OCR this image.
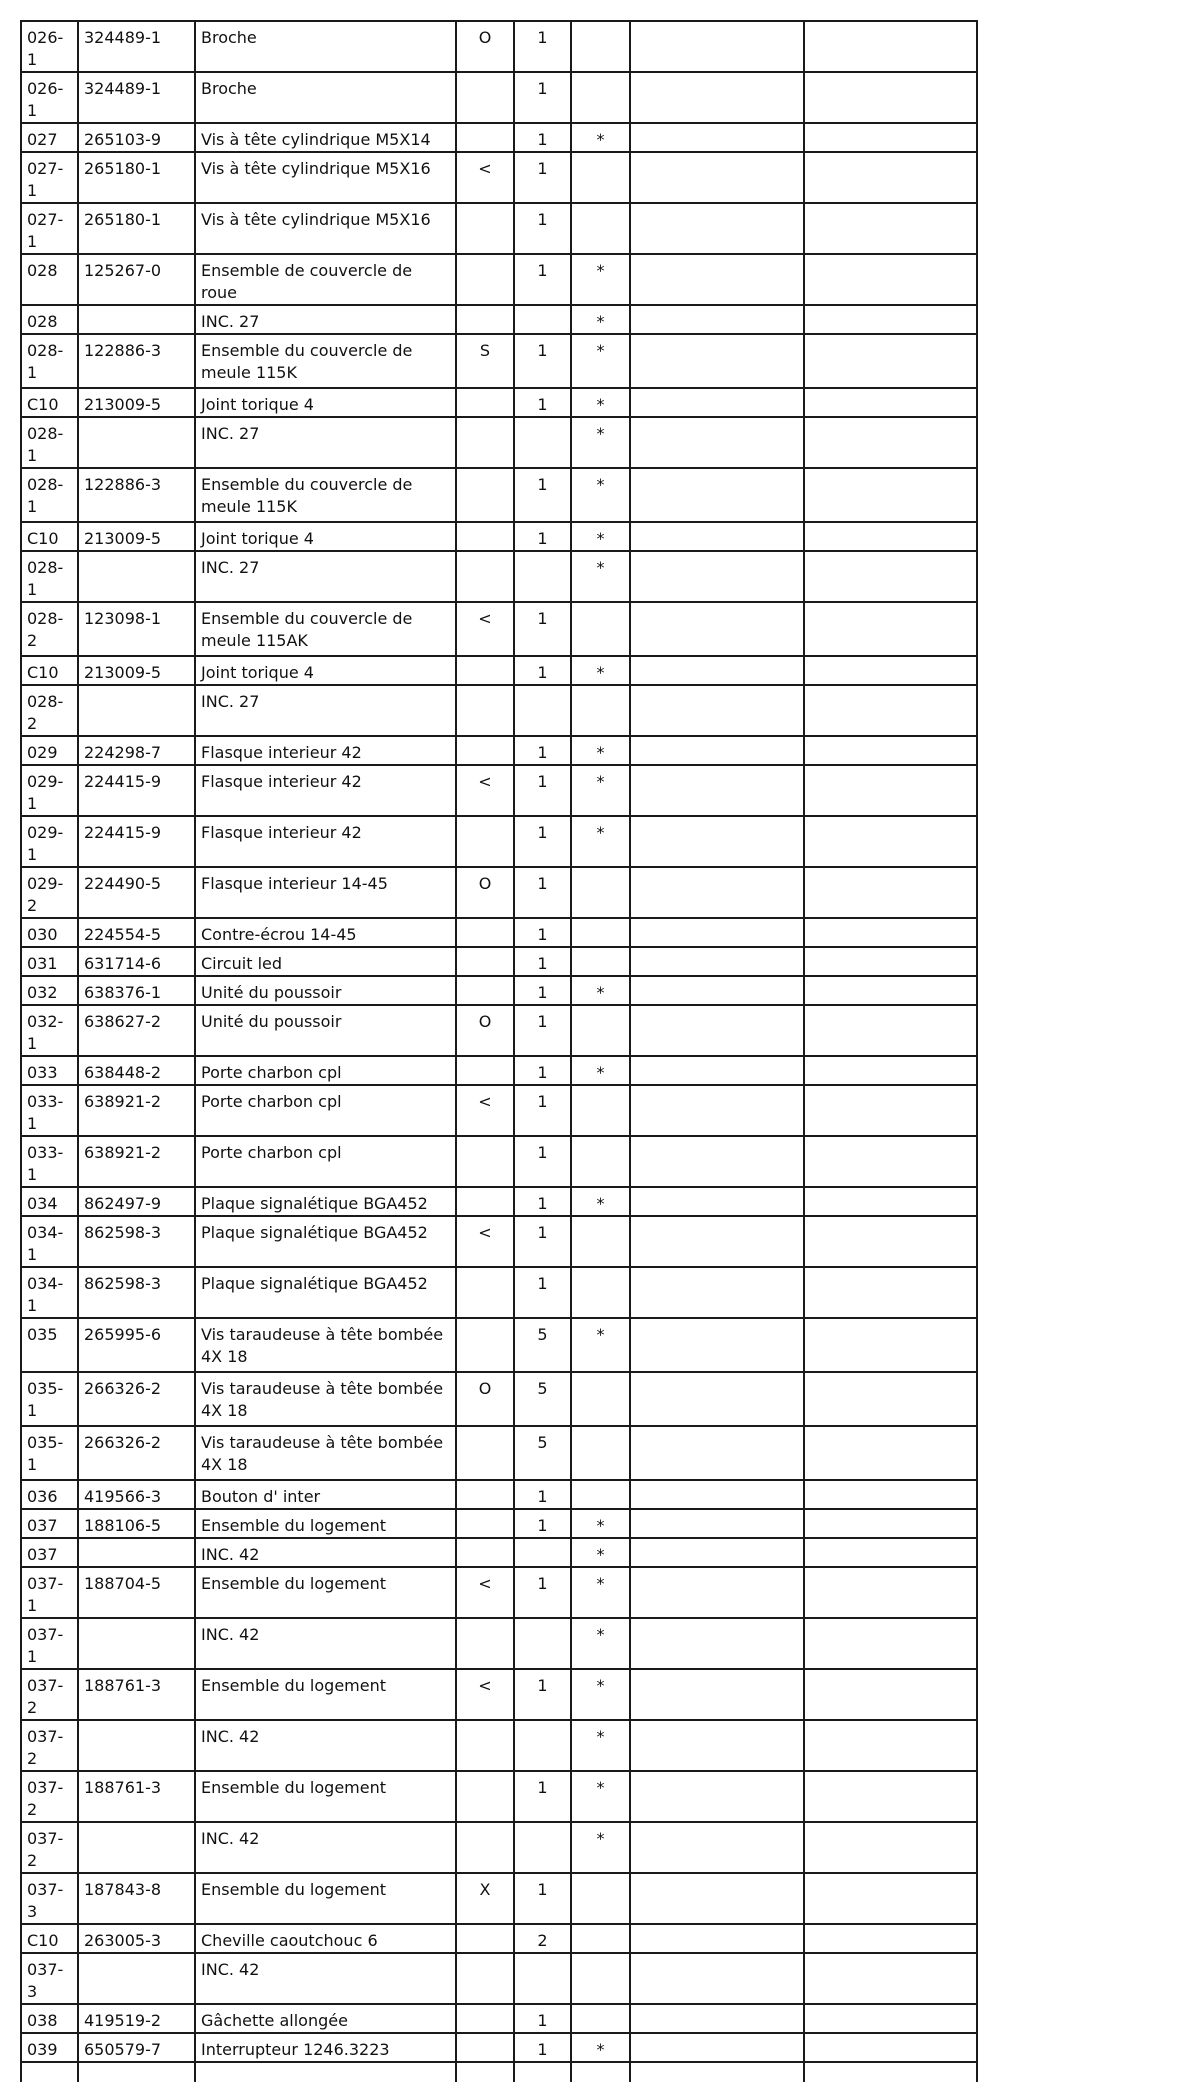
026-1	324489-1	Broche	O	1			
026-1	324489-1	Broche		1			
027	265103-9	Vis à tête cylindrique M5X14		1	*		
027-1	265180-1	Vis à tête cylindrique M5X16	<	1			
027-1	265180-1	Vis à tête cylindrique M5X16		1			
028	125267-0	Ensemble de couvercle de roue		1	*		
028		INC. 27			*		
028-1	122886-3	Ensemble du couvercle de meule 115K	S	1	*		
C10	213009-5	Joint torique 4		1	*		
028-1		INC. 27			*		
028-1	122886-3	Ensemble du couvercle de meule 115K		1	*		
C10	213009-5	Joint torique 4		1	*		
028-1		INC. 27			*		
028-2	123098-1	Ensemble du couvercle de meule 115AK	<	1			
C10	213009-5	Joint torique 4		1	*		
028-2		INC. 27					
029	224298-7	Flasque interieur 42		1	*		
029-1	224415-9	Flasque interieur 42	<	1	*		
029-1	224415-9	Flasque interieur 42		1	*		
029-2	224490-5	Flasque interieur 14-45	O	1			
030	224554-5	Contre-écrou 14-45		1			
031	631714-6	Circuit led		1			
032	638376-1	Unité du poussoir		1	*		
032-1	638627-2	Unité du poussoir	O	1			
033	638448-2	Porte charbon cpl		1	*		
033-1	638921-2	Porte charbon cpl	<	1			
033-1	638921-2	Porte charbon cpl		1			
034	862497-9	Plaque signalétique BGA452		1	*		
034-1	862598-3	Plaque signalétique BGA452	<	1			
034-1	862598-3	Plaque signalétique BGA452		1			
035	265995-6	Vis taraudeuse à tête bombée 4X 18		5	*		
035-1	266326-2	Vis taraudeuse à tête bombée 4X 18	O	5			
035-1	266326-2	Vis taraudeuse à tête bombée 4X 18		5			
036	419566-3	Bouton d' inter		1			
037	188106-5	Ensemble du logement		1	*		
037		INC. 42			*		
037-1	188704-5	Ensemble du logement	<	1	*		
037-1		INC. 42			*		
037-2	188761-3	Ensemble du logement	<	1	*		
037-2		INC. 42			*		
037-2	188761-3	Ensemble du logement		1	*		
037-2		INC. 42			*		
037-3	187843-8	Ensemble du logement	X	1			
C10	263005-3	Cheville caoutchouc 6		2			
037-3		INC. 42					
038	419519-2	Gâchette allongée		1			
039	650579-7	Interrupteur 1246.3223		1	*		
